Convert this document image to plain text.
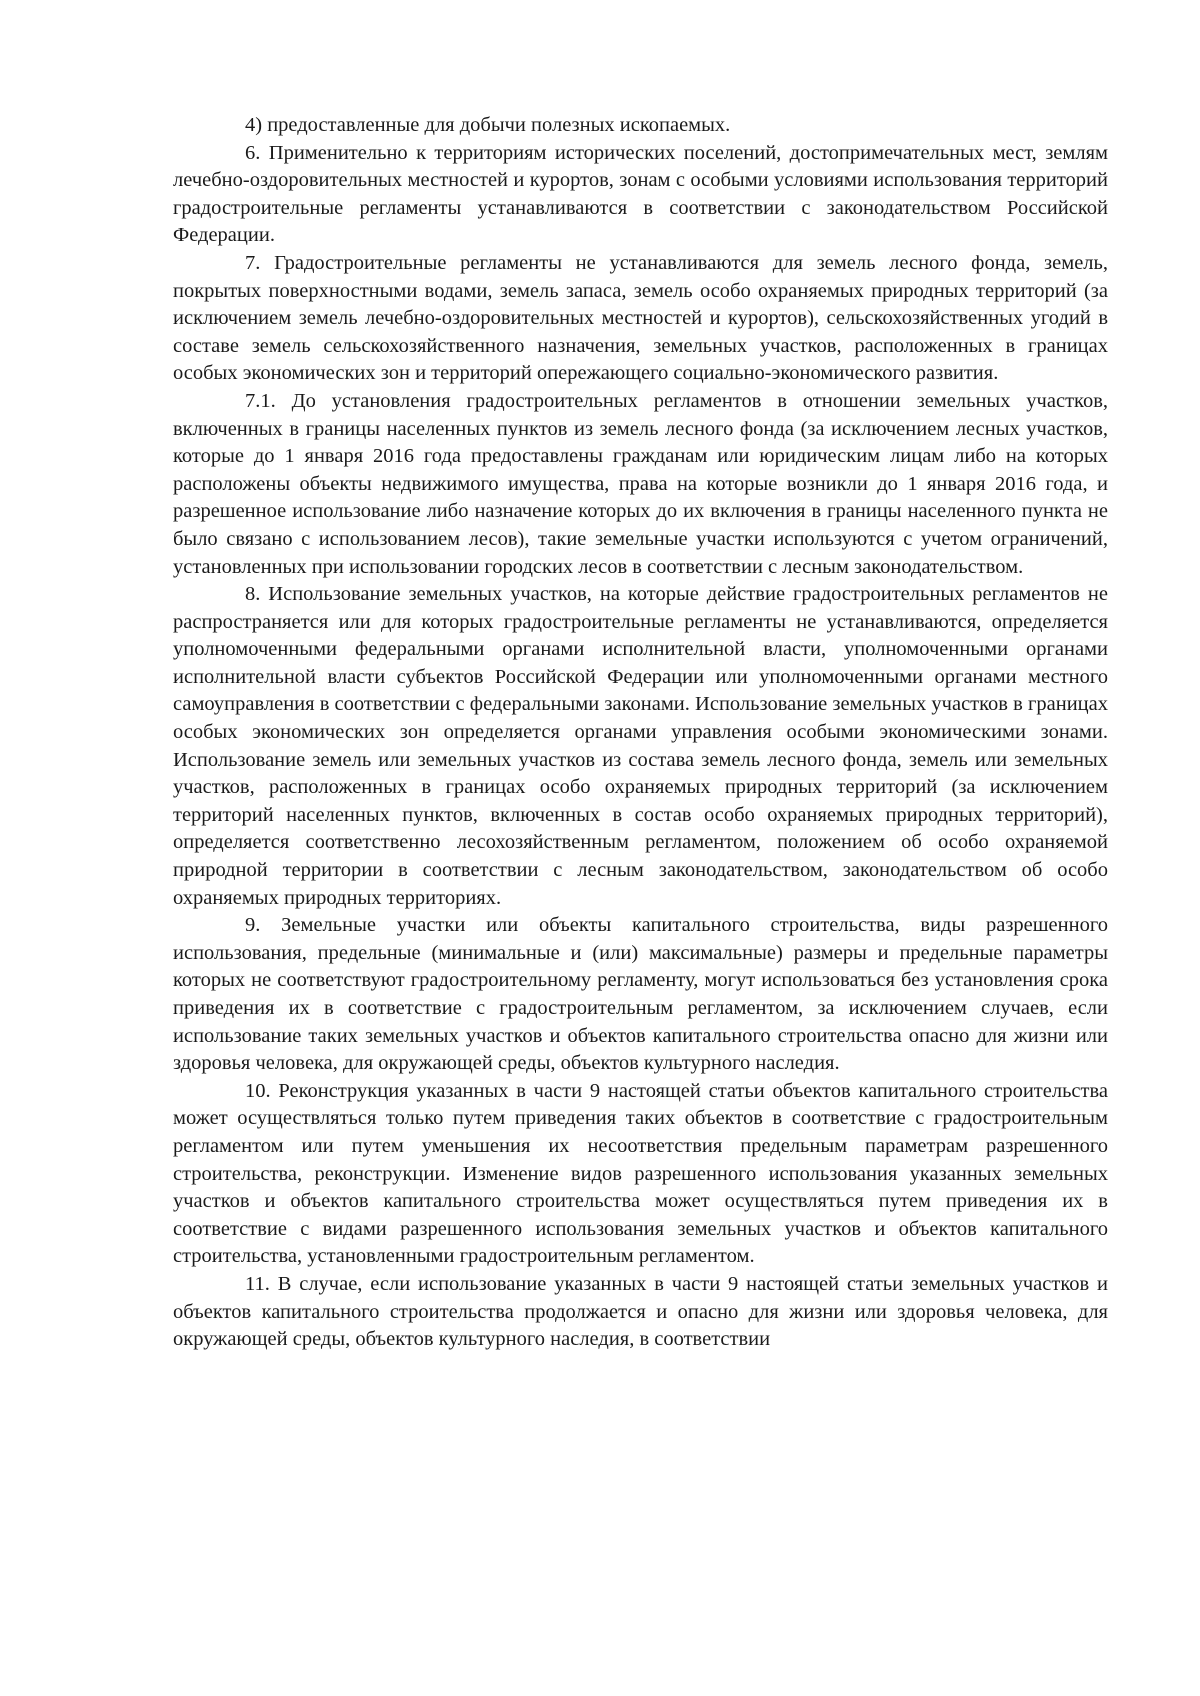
4) предоставленные для добычи полезных ископаемых.

6. Применительно к территориям исторических поселений, достопримечательных мест, землям лечебно-оздоровительных местностей и курортов, зонам с особыми условиями использования территорий градостроительные регламенты устанавливаются в соответствии с законодательством Российской Федерации.

7. Градостроительные регламенты не устанавливаются для земель лесного фонда, земель, покрытых поверхностными водами, земель запаса, земель особо охраняемых природных территорий (за исключением земель лечебно-оздоровительных местностей и курортов), сельскохозяйственных угодий в составе земель сельскохозяйственного назначения, земельных участков, расположенных в границах особых экономических зон и территорий опережающего социально-экономического развития.

7.1. До установления градостроительных регламентов в отношении земельных участков, включенных в границы населенных пунктов из земель лесного фонда (за исключением лесных участков, которые до 1 января 2016 года предоставлены гражданам или юридическим лицам либо на которых расположены объекты недвижимого имущества, права на которые возникли до 1 января 2016 года, и разрешенное использование либо назначение которых до их включения в границы населенного пункта не было связано с использованием лесов), такие земельные участки используются с учетом ограничений, установленных при использовании городских лесов в соответствии с лесным законодательством.

8. Использование земельных участков, на которые действие градостроительных регламентов не распространяется или для которых градостроительные регламенты не устанавливаются, определяется уполномоченными федеральными органами исполнительной власти, уполномоченными органами исполнительной власти субъектов Российской Федерации или уполномоченными органами местного самоуправления в соответствии с федеральными законами. Использование земельных участков в границах особых экономических зон определяется органами управления особыми экономическими зонами. Использование земель или земельных участков из состава земель лесного фонда, земель или земельных участков, расположенных в границах особо охраняемых природных территорий (за исключением территорий населенных пунктов, включенных в состав особо охраняемых природных территорий), определяется соответственно лесохозяйственным регламентом, положением об особо охраняемой природной территории в соответствии с лесным законодательством, законодательством об особо охраняемых природных территориях.

9. Земельные участки или объекты капитального строительства, виды разрешенного использования, предельные (минимальные и (или) максимальные) размеры и предельные параметры которых не соответствуют градостроительному регламенту, могут использоваться без установления срока приведения их в соответствие с градостроительным регламентом, за исключением случаев, если использование таких земельных участков и объектов капитального строительства опасно для жизни или здоровья человека, для окружающей среды, объектов культурного наследия.

10. Реконструкция указанных в части 9 настоящей статьи объектов капитального строительства может осуществляться только путем приведения таких объектов в соответствие с градостроительным регламентом или путем уменьшения их несоответствия предельным параметрам разрешенного строительства, реконструкции. Изменение видов разрешенного использования указанных земельных участков и объектов капитального строительства может осуществляться путем приведения их в соответствие с видами разрешенного использования земельных участков и объектов капитального строительства, установленными градостроительным регламентом.

11. В случае, если использование указанных в части 9 настоящей статьи земельных участков и объектов капитального строительства продолжается и опасно для жизни или здоровья человека, для окружающей среды, объектов культурного наследия, в соответствии
